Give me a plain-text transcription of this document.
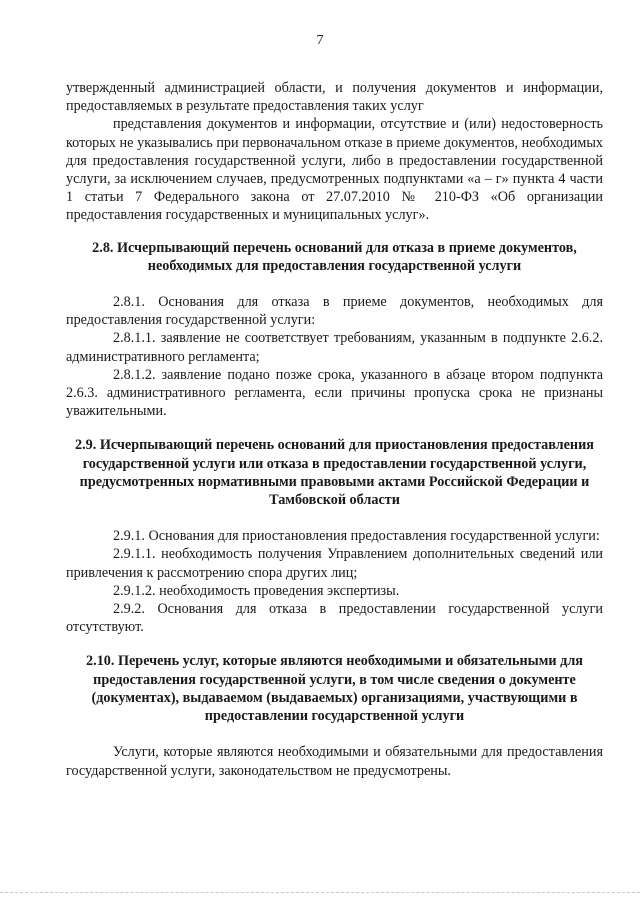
7

утвержденный администрацией области, и получения документов и информации, предоставляемых в результате предоставления таких услуг

представления документов и информации, отсутствие и (или) недостоверность которых не указывались при первоначальном отказе в приеме документов, необходимых для предоставления государственной услуги, либо в предоставлении государственной услуги, за исключением случаев, предусмотренных подпунктами «а – г» пункта 4 части 1 статьи 7 Федерального закона от 27.07.2010 № 210-ФЗ «Об организации предоставления государственных и муниципальных услуг».

2.8. Исчерпывающий перечень оснований для отказа в приеме документов, необходимых для предоставления государственной услуги

2.8.1. Основания для отказа в приеме документов, необходимых для предоставления государственной услуги:

2.8.1.1. заявление не соответствует требованиям, указанным в подпункте 2.6.2. административного регламента;

2.8.1.2. заявление подано позже срока, указанного в абзаце втором подпункта 2.6.3. административного регламента, если причины пропуска срока не признаны уважительными.

2.9. Исчерпывающий перечень оснований для приостановления предоставления государственной услуги или отказа в предоставлении государственной услуги, предусмотренных нормативными правовыми актами Российской Федерации и Тамбовской области

2.9.1. Основания для приостановления предоставления государственной услуги:

2.9.1.1. необходимость получения Управлением дополнительных сведений или привлечения к рассмотрению спора других лиц;

2.9.1.2. необходимость проведения экспертизы.

2.9.2. Основания для отказа в предоставлении государственной услуги отсутствуют.

2.10. Перечень услуг, которые являются необходимыми и обязательными для предоставления государственной услуги, в том числе сведения о документе (документах), выдаваемом (выдаваемых) организациями, участвующими в предоставлении государственной услуги

Услуги, которые являются необходимыми и обязательными для предоставления государственной услуги, законодательством не предусмотрены.
